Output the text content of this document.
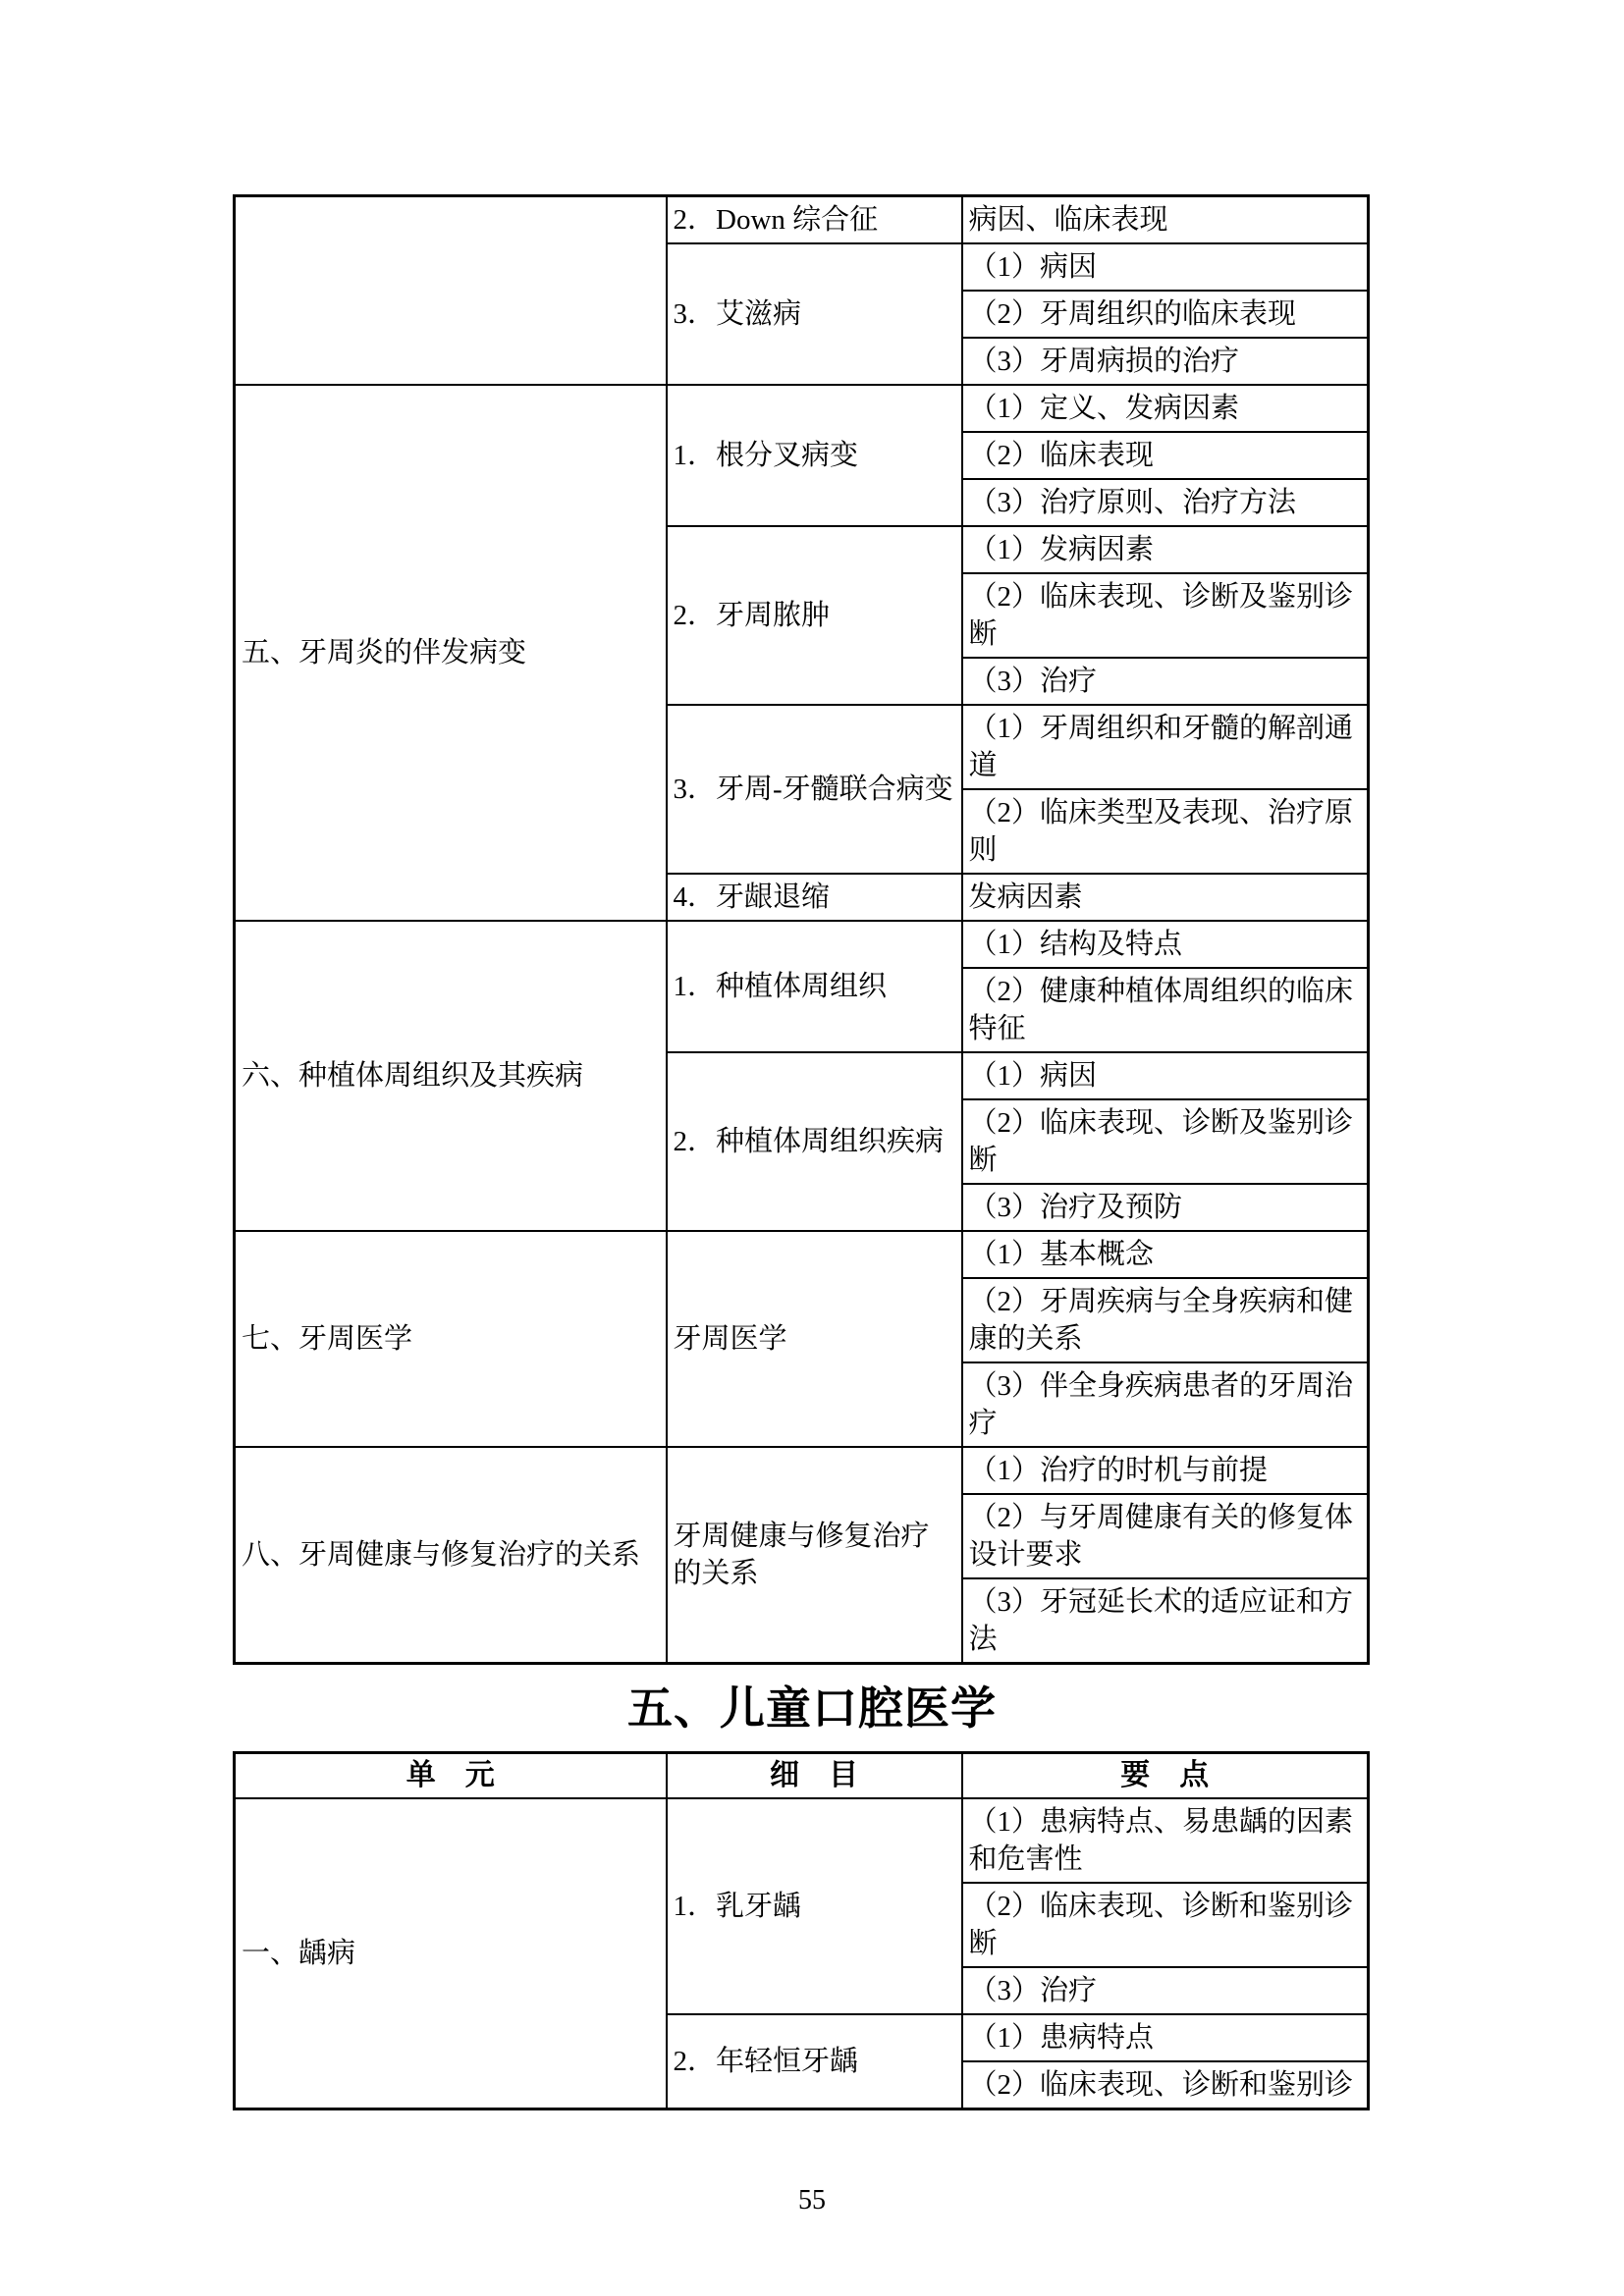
	2．Down 综合征	病因、临床表现
	3．艾滋病	（1）病因
		（2）牙周组织的临床表现
		（3）牙周病损的治疗
五、牙周炎的伴发病变	1．根分叉病变	（1）定义、发病因素
		（2）临床表现
		（3）治疗原则、治疗方法
	2．牙周脓肿	（1）发病因素
		（2）临床表现、诊断及鉴别诊断
		（3）治疗
	3．牙周-牙髓联合病变	（1）牙周组织和牙髓的解剖通道
		（2）临床类型及表现、治疗原则
	4．牙龈退缩	发病因素
六、种植体周组织及其疾病	1．种植体周组织	（1）结构及特点
		（2）健康种植体周组织的临床特征
	2．种植体周组织疾病	（1）病因
		（2）临床表现、诊断及鉴别诊断
		（3）治疗及预防
七、牙周医学	牙周医学	（1）基本概念
		（2）牙周疾病与全身疾病和健康的关系
		（3）伴全身疾病患者的牙周治疗
八、牙周健康与修复治疗的关系	牙周健康与修复治疗的关系	（1）治疗的时机与前提
		（2）与牙周健康有关的修复体设计要求
		（3）牙冠延长术的适应证和方法
五、儿童口腔医学
单　元	细　目	要　点
一、龋病	1．乳牙龋	（1）患病特点、易患龋的因素和危害性
		（2）临床表现、诊断和鉴别诊断
		（3）治疗
	2．年轻恒牙龋	（1）患病特点
		（2）临床表现、诊断和鉴别诊
55
